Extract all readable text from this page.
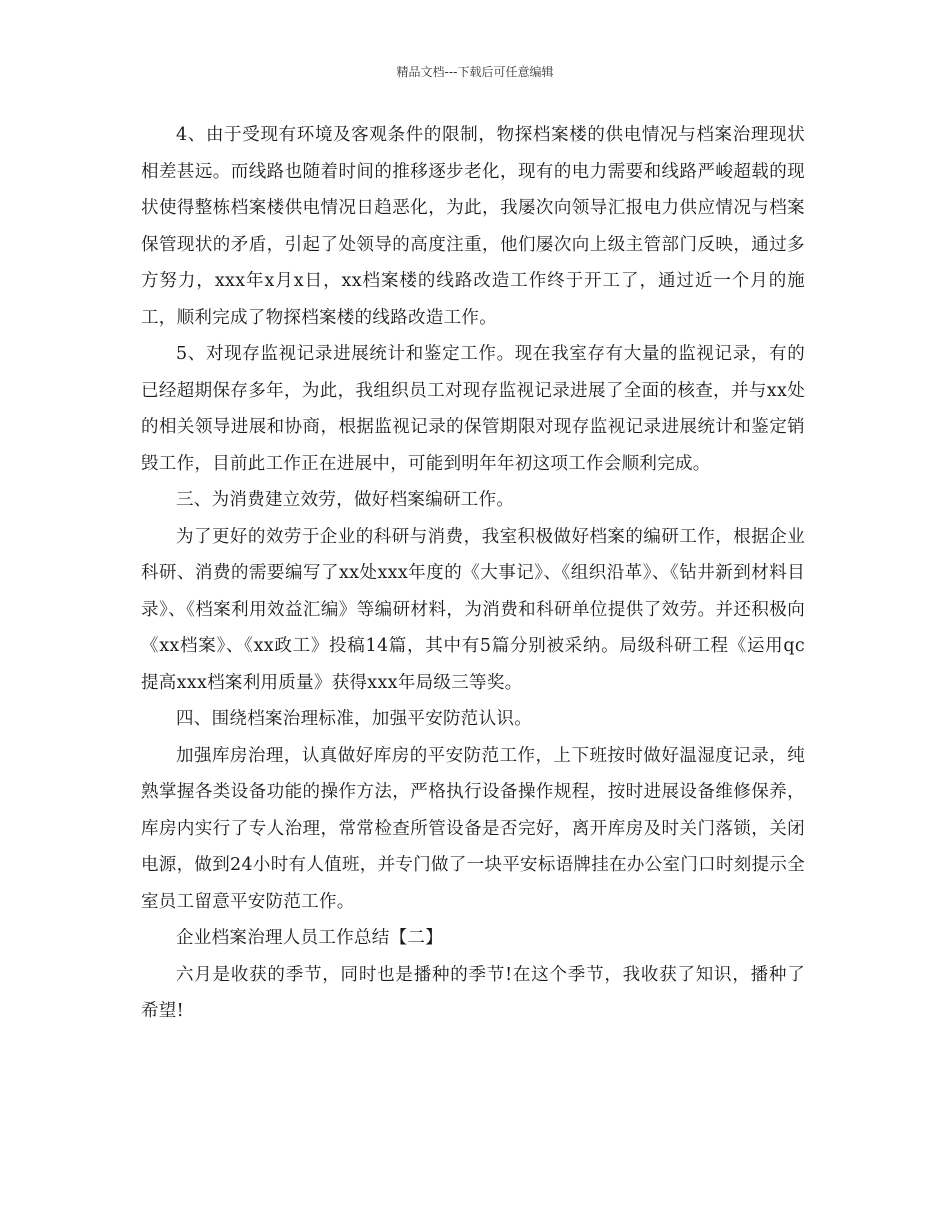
精品文档---下载后可任意编辑

4、由于受现有环境及客观条件的限制，物探档案楼的供电情况与档案治理现状相差甚远。而线路也随着时间的推移逐步老化，现有的电力需要和线路严峻超载的现状使得整栋档案楼供电情况日趋恶化，为此，我屡次向领导汇报电力供应情况与档案保管现状的矛盾，引起了处领导的高度注重，他们屡次向上级主管部门反映，通过多方努力，xxx年x月x日，xx档案楼的线路改造工作终于开工了，通过近一个月的施工，顺利完成了物探档案楼的线路改造工作。

5、对现存监视记录进展统计和鉴定工作。现在我室存有大量的监视记录，有的已经超期保存多年，为此，我组织员工对现存监视记录进展了全面的核查，并与xx处的相关领导进展和协商，根据监视记录的保管期限对现存监视记录进展统计和鉴定销毁工作，目前此工作正在进展中，可能到明年年初这项工作会顺利完成。

三、为消费建立效劳，做好档案编研工作。

为了更好的效劳于企业的科研与消费，我室积极做好档案的编研工作，根据企业科研、消费的需要编写了xx处xxx年度的《大事记》、《组织沿革》、《钻井新到材料目录》、《档案利用效益汇编》等编研材料，为消费和科研单位提供了效劳。并还积极向《xx档案》、《xx政工》投稿14篇，其中有5篇分别被采纳。局级科研工程《运用qc提高xxx档案利用质量》获得xxx年局级三等奖。

四、围绕档案治理标准，加强平安防范认识。

加强库房治理，认真做好库房的平安防范工作，上下班按时做好温湿度记录，纯熟掌握各类设备功能的操作方法，严格执行设备操作规程，按时进展设备维修保养，库房内实行了专人治理，常常检查所管设备是否完好，离开库房及时关门落锁，关闭电源，做到24小时有人值班，并专门做了一块平安标语牌挂在办公室门口时刻提示全室员工留意平安防范工作。

企业档案治理人员工作总结【二】

六月是收获的季节，同时也是播种的季节!在这个季节，我收获了知识，播种了希望!
